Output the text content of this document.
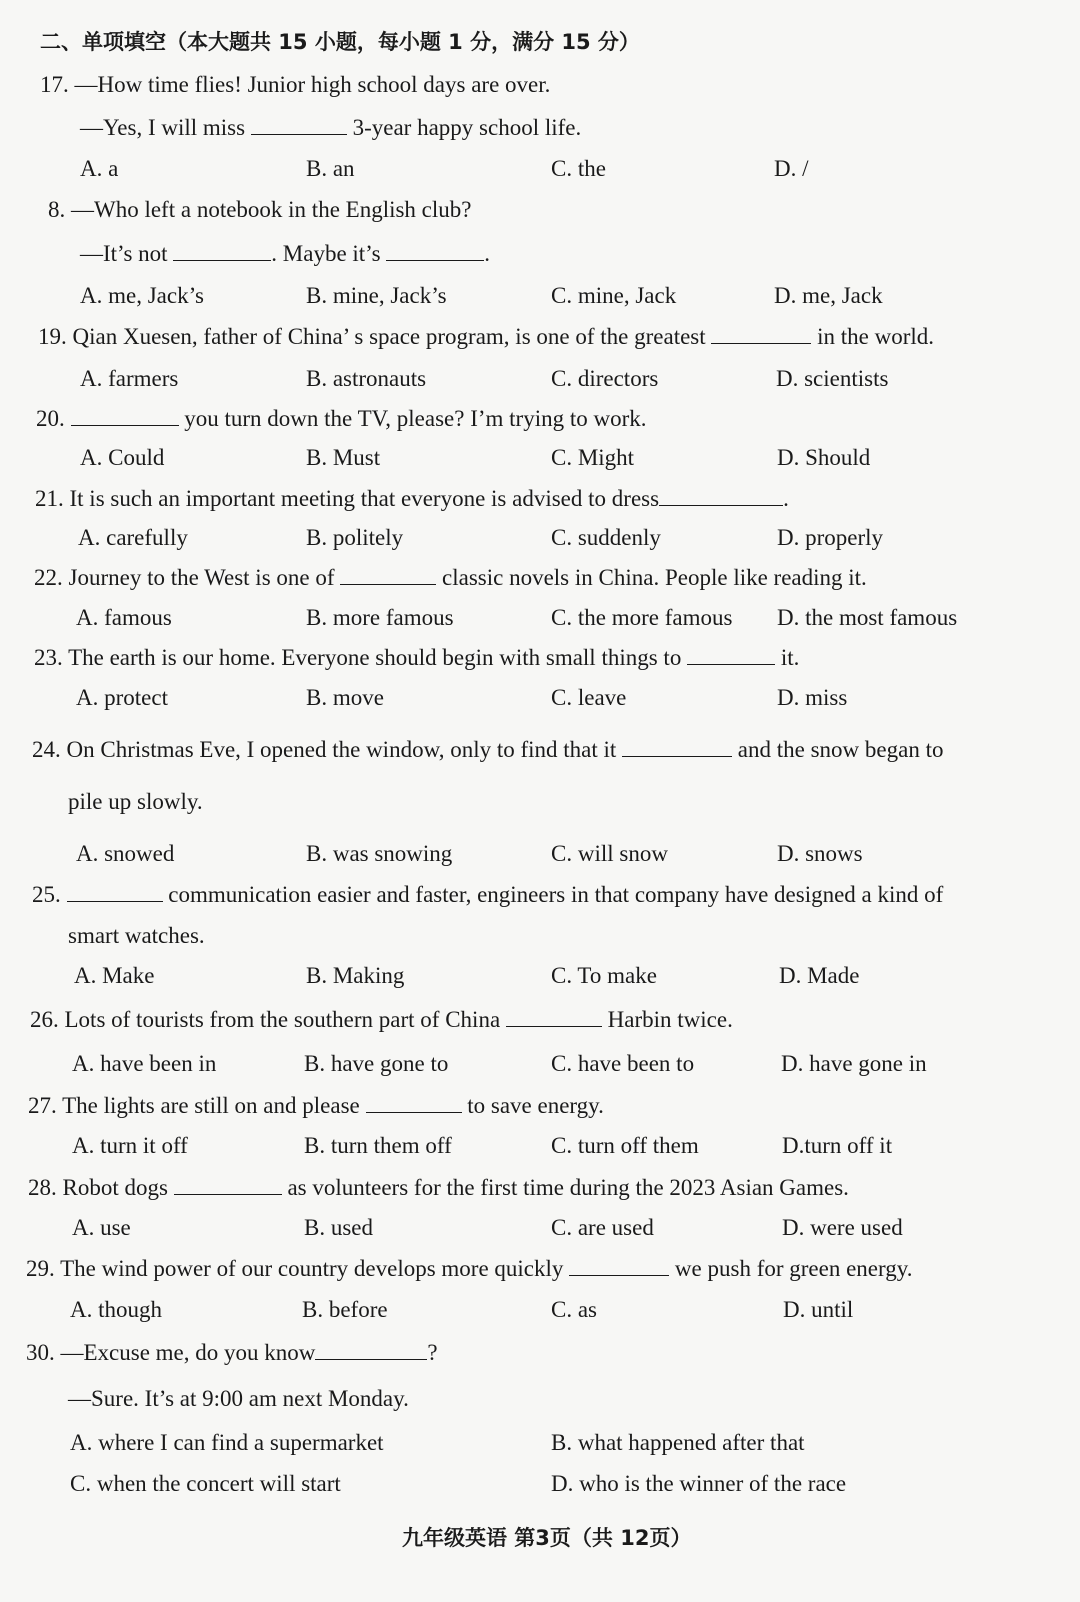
二、单项填空（本大题共 15 小题，每小题 1 分，满分 15 分）
17. —How time flies! Junior high school days are over.
—Yes, I will miss	3-year happy school life.
A. a	B. an	C. the	D. /
8. —Who left a notebook in the English club?
—It’s not	. Maybe it’s	.
A. me, Jack’s	B. mine, Jack’s	C. mine, Jack	D. me, Jack
19. Qian Xuesen, father of China’ s space program, is one of the greatest	in the world.
A. farmers	B. astronauts	C. directors	D. scientists
20.	you turn down the TV, please? I’m trying to work.
A. Could	B. Must	C. Might	D. Should
21. It is such an important meeting that everyone is advised to dress	.
A. carefully	B. politely	C. suddenly	D. properly
22. Journey to the West is one of	classic novels in China. People like reading it.
A. famous	B. more famous	C. the more famous D. the most famous
23. The earth is our home. Everyone should begin with small things to	it.
A. protect	B. move	C. leave	D. miss
24. On Christmas Eve, I opened the window, only to find that it	and the snow began to
pile up slowly.
A. snowed	B. was snowing	C. will snow	D. snows
25.	communication easier and faster, engineers in that company have designed a kind of
smart watches.
A. Make	B. Making	C. To make	D. Made
26. Lots of tourists from the southern part of China	Harbin twice.
A. have been in	B. have gone to	C. have been to	D. have gone in
27. The lights are still on and please	to save energy.
A. turn it off	B. turn them off	C. turn off them	D.turn off it
28. Robot dogs	as volunteers for the first time during the 2023 Asian Games.
A. use	B. used	C. are used	D. were used
29. The wind power of our country develops more quickly	we push for green energy.
A. though	B. before	C. as	D. until
30. —Excuse me, do you know	?
—Sure. It’s at 9:00 am next Monday.
A. where I can find a supermarket	B. what happened after that
C. when the concert will start	D. who is the winner of the race
九年级英语 第3页（共 12页）
